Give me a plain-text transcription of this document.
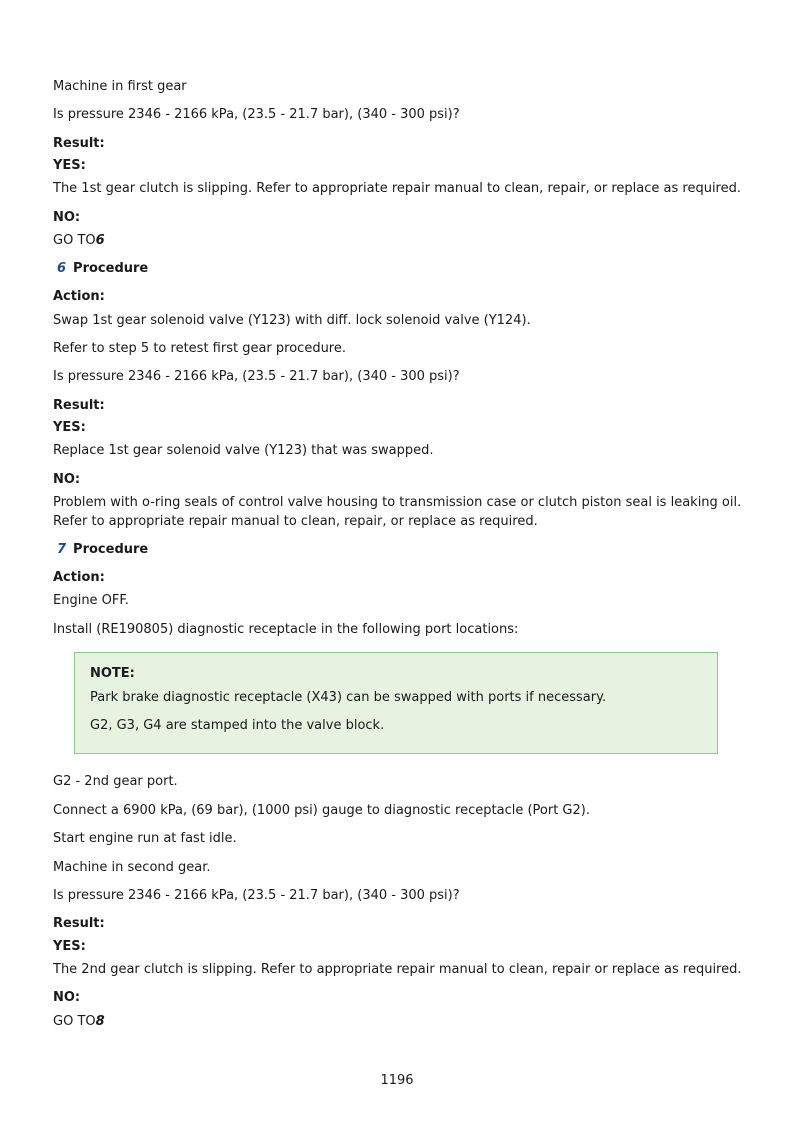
Machine in first gear
Is pressure 2346 - 2166 kPa, (23.5 - 21.7 bar), (340 - 300 psi)?
Result:
YES:
The 1st gear clutch is slipping. Refer to appropriate repair manual to clean, repair, or replace as required.
NO:
GO TO6
6 Procedure
Action:
Swap 1st gear solenoid valve (Y123) with diff. lock solenoid valve (Y124).
Refer to step 5 to retest first gear procedure.
Is pressure 2346 - 2166 kPa, (23.5 - 21.7 bar), (340 - 300 psi)?
Result:
YES:
Replace 1st gear solenoid valve (Y123) that was swapped.
NO:
Problem with o-ring seals of control valve housing to transmission case or clutch piston seal is leaking oil.
Refer to appropriate repair manual to clean, repair, or replace as required.
7 Procedure
Action:
Engine OFF.
Install (RE190805) diagnostic receptacle in the following port locations:
NOTE:
Park brake diagnostic receptacle (X43) can be swapped with ports if necessary.
G2, G3, G4 are stamped into the valve block.
G2 - 2nd gear port.
Connect a 6900 kPa, (69 bar), (1000 psi) gauge to diagnostic receptacle (Port G2).
Start engine run at fast idle.
Machine in second gear.
Is pressure 2346 - 2166 kPa, (23.5 - 21.7 bar), (340 - 300 psi)?
Result:
YES:
The 2nd gear clutch is slipping. Refer to appropriate repair manual to clean, repair or replace as required.
NO:
GO TO8
1196
